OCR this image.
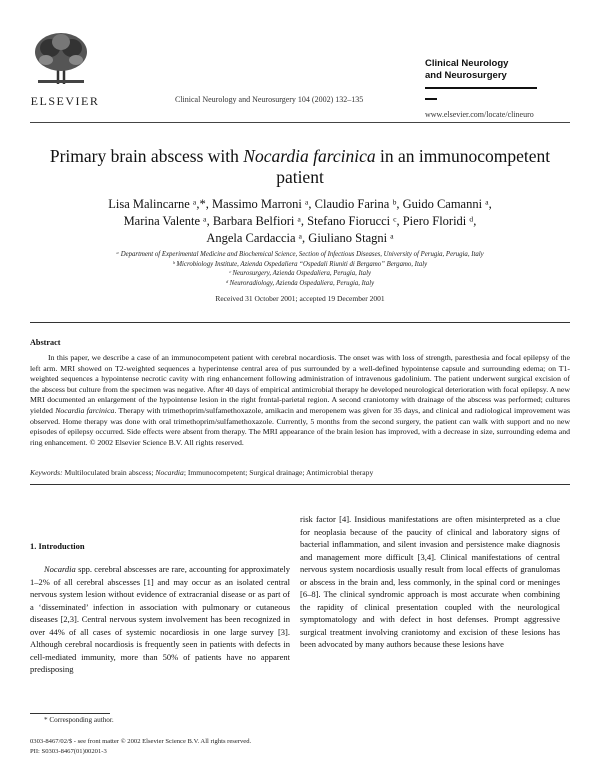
ELSEVIER	Clinical Neurology and Neurosurgery 104 (2002) 132–135
Clinical Neurology
and Neurosurgery
www.elsevier.com/locate/clineuro
Primary brain abscess with Nocardia farcinica in an immunocompetent patient
Lisa Malincarne ᵃ,*, Massimo Marroni ᵃ, Claudio Farina ᵇ, Guido Camanni ᵃ,
Marina Valente ᵃ, Barbara Belfiori ᵃ, Stefano Fiorucci ᶜ, Piero Floridi ᵈ,
Angela Cardaccia ᵃ, Giuliano Stagni ᵃ
ᵃ Department of Experimental Medicine and Biochemical Science, Section of Infectious Diseases, University of Perugia, Perugia, Italy
ᵇ Microbiology Institute, Azienda Ospedaliera “Ospedali Riuniti di Bergamo” Bergamo, Italy
ᶜ Neurosurgery, Azienda Ospedaliera, Perugia, Italy
ᵈ Neuroradiology, Azienda Ospedaliera, Perugia, Italy
Received 31 October 2001; accepted 19 December 2001
Abstract
In this paper, we describe a case of an immunocompetent patient with cerebral nocardiosis. The onset was with loss of strength, paresthesia and focal epilepsy of the left arm. MRI showed on T2-weighted sequences a hyperintense central area of pus surrounded by a well-defined hypointense capsule and surrounding edema; on T1-weighted sequences a hypointense necrotic cavity with ring enhancement following administration of intravenous gadolinium. The patient underwent surgical excision of the abscess but culture from the specimen was negative. After 40 days of empirical antimicrobial therapy he developed neurological deterioration with focal epilepsy. A new MRI documented an enlargement of the hypointense lesion in the right frontal-parietal region. A second craniotomy with drainage of the abscess was performed; cultures yielded Nocardia farcinica. Therapy with trimethoprim/sulfamethoxazole, amikacin and meropenem was given for 35 days, and clinical and radiological improvement was observed. Home therapy was done with oral trimethoprim/sulfamethoxazole. Currently, 5 months from the second surgery, the patient can walk with support and no new episodes of epilepsy occurred. Side effects were absent from therapy. The MRI appearance of the brain lesion has improved, with a decrease in size, surrounding edema and ring enhancement. © 2002 Elsevier Science B.V. All rights reserved.
Keywords: Multiloculated brain abscess; Nocardia; Immunocompetent; Surgical drainage; Antimicrobial therapy
1. Introduction
Nocardia spp. cerebral abscesses are rare, accounting for approximately 1–2% of all cerebral abscesses [1] and may occur as an isolated central nervous system lesion without evidence of extracranial disease or as part of a ‘disseminated’ infection in association with pulmonary or cutaneous diseases [2,3]. Central nervous system involvement has been recognized in over 44% of all cases of systemic nocardiosis in one large survey [3]. Although cerebral nocardiosis is frequently seen in patients with defects in cell-mediated immunity, more than 50% of patients have no apparent predisposing
risk factor [4]. Insidious manifestations are often misinterpreted as a clue for neoplasia because of the paucity of clinical and laboratory signs of bacterial inflammation, and silent invasion and persistence make diagnosis and management more difficult [3,4]. Clinical manifestations of central nervous system nocardiosis usually result from local effects of granulomas or abscess in the brain and, less commonly, in the spinal cord or meninges [6–8]. The clinical syndromic approach is most accurate when combining the rapidity of clinical presentation coupled with the neurological symptomatology and with defect in host defenses. Prompt aggressive surgical treatment involving craniotomy and excision of these lesions has been advocated by many authors because these lesions have
* Corresponding author.
0303-8467/02/$ - see front matter © 2002 Elsevier Science B.V. All rights reserved.
PII: S0303-8467(01)00201-3
